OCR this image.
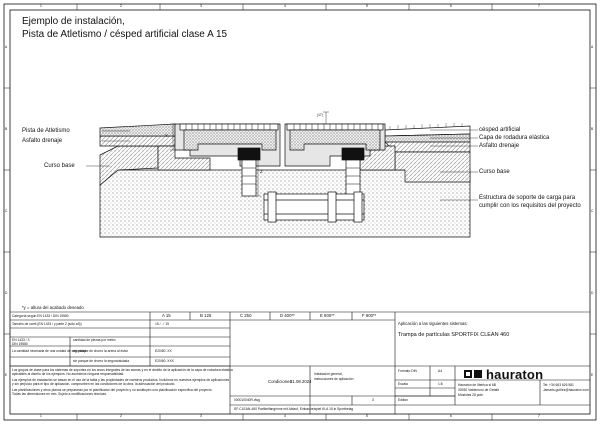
1	2	3	4	5	6	7
1	2	3	4	5	6	7
A
B
C
D
E
A
B
C
D
E
Ejemplo de instalación,
Pista de Atletismo / césped artificial clase A 15
Pista de Atletismo
Asfalto drenaje
Curso base
césped artificial
Capa de rodadura elástica
Asfalto drenaje
Curso base
Estructura de soporte de carga para
cumplir con los requisitos del proyecto
Y
(17)
Z
*y = altura del acabado deseado
Categoría según EN 1433 / DIN 19580
Tamaño de carril (EN 1433 / y parte 2 (sólo a3))	15 / - / 15
EN 1433 / 3
DIN 19580
cantidad de piezas por metro
La cantidad necesaria de una unidad de seguridad
sin parque de chorro la arena al estar	E20/80 .XX
sin parque de chorro la segura/aislada	E20/80 .XXX
A 15	B 125	C 250	D 400**	E 600**	F 900**
Los grupos de clase para los sistemas de soportes en los arcos integrales de las aceras y en el ámbito de la aplicación de la capa de rodadura elástica
aplicables al diseño de los ejemplos. No asumimos ninguna responsabilidad.
Los ejemplos de instalación se basan en el uso de la tabla y las propiedades de nuestros productos. Incluimos en nuestros ejemplos de aplicaciones
y sin perjuicio para el tipo de aplicación, comprueben en las condiciones de la obra, la adecuación del producto.
Las planificaciones y otros planos se prepararán por el planificador del proyecto y no sustituyen una planificación específica del proyecto.
Todas las dimensiones en mm. Sujeto a modificaciones técnicas.
Aplicación a las siguientes sistemas:
Trampa de partículas SPORTFIX CLEAN 460
Condiciones
21.08.2024
Instalación general,
instrucciones de aplicación
000010040R.dwg	3
SF-CLEAN-460 Partikelfangrinne mit Ablauf, Einbaubeispiel KLA 15 in Sportbelag
Formato DIN	A4
Escala	1:8
Edition
hauraton
Hauraton de Ilbérica sl 6B
30930 Valdemoro de Getafe
Móstoles 28 pole
Tel: +34 663 626 581
Jamarts.guiñez@hauraton.com
